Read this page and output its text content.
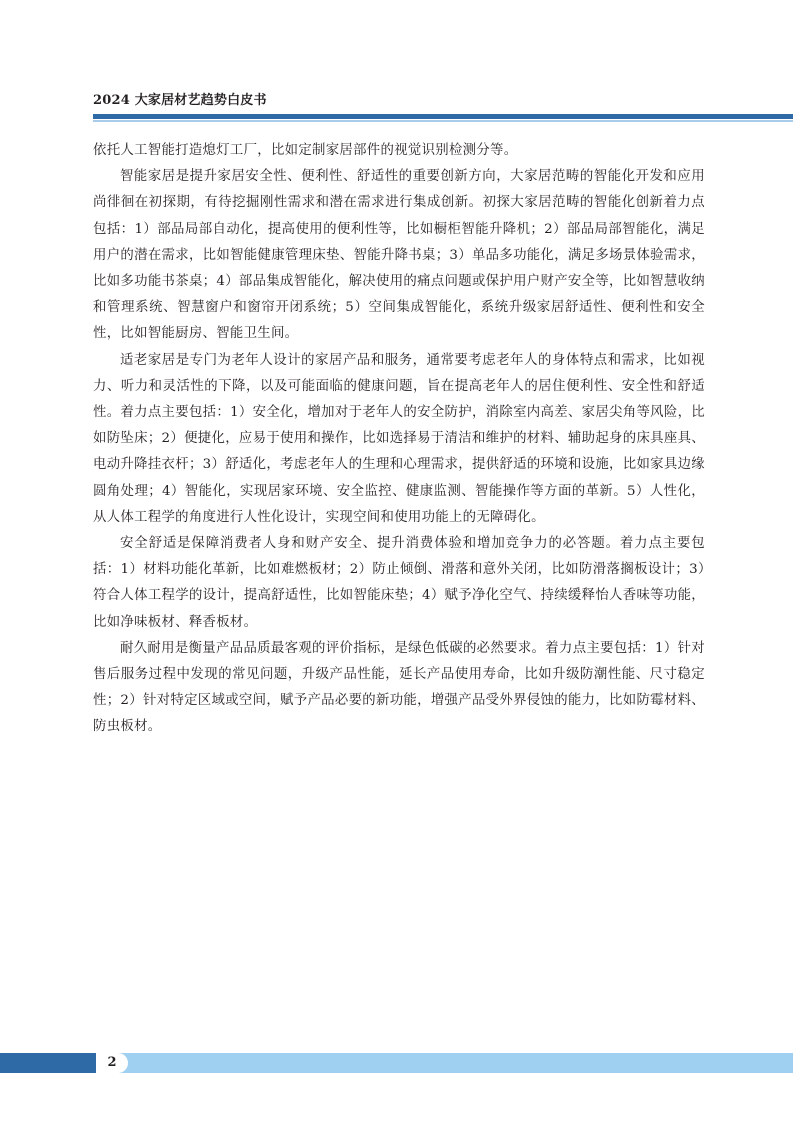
2024 大家居材艺趋势白皮书

依托人工智能打造熄灯工厂，比如定制家居部件的视觉识别检测分等。

智能家居是提升家居安全性、便利性、舒适性的重要创新方向，大家居范畴的智能化开发和应用尚徘徊在初探期，有待挖掘刚性需求和潜在需求进行集成创新。初探大家居范畴的智能化创新着力点包括：1）部品局部自动化，提高使用的便利性等，比如橱柜智能升降机；2）部品局部智能化，满足用户的潜在需求，比如智能健康管理床垫、智能升降书桌；3）单品多功能化，满足多场景体验需求，比如多功能书茶桌；4）部品集成智能化，解决使用的痛点问题或保护用户财产安全等，比如智慧收纳和管理系统、智慧窗户和窗帘开闭系统；5）空间集成智能化，系统升级家居舒适性、便利性和安全性，比如智能厨房、智能卫生间。

适老家居是专门为老年人设计的家居产品和服务，通常要考虑老年人的身体特点和需求，比如视力、听力和灵活性的下降，以及可能面临的健康问题，旨在提高老年人的居住便利性、安全性和舒适性。着力点主要包括：1）安全化，增加对于老年人的安全防护，消除室内高差、家居尖角等风险，比如防坠床；2）便捷化，应易于使用和操作，比如选择易于清洁和维护的材料、辅助起身的床具座具、电动升降挂衣杆；3）舒适化，考虑老年人的生理和心理需求，提供舒适的环境和设施，比如家具边缘圆角处理；4）智能化，实现居家环境、安全监控、健康监测、智能操作等方面的革新。5）人性化，从人体工程学的角度进行人性化设计，实现空间和使用功能上的无障碍化。

安全舒适是保障消费者人身和财产安全、提升消费体验和增加竞争力的必答题。着力点主要包括：1）材料功能化革新，比如难燃板材；2）防止倾倒、滑落和意外关闭，比如防滑落搁板设计；3）符合人体工程学的设计，提高舒适性，比如智能床垫；4）赋予净化空气、持续缓释怡人香味等功能，比如净味板材、释香板材。

耐久耐用是衡量产品品质最客观的评价指标，是绿色低碳的必然要求。着力点主要包括：1）针对售后服务过程中发现的常见问题，升级产品性能，延长产品使用寿命，比如升级防潮性能、尺寸稳定性；2）针对特定区域或空间，赋予产品必要的新功能，增强产品受外界侵蚀的能力，比如防霉材料、防虫板材。

2
